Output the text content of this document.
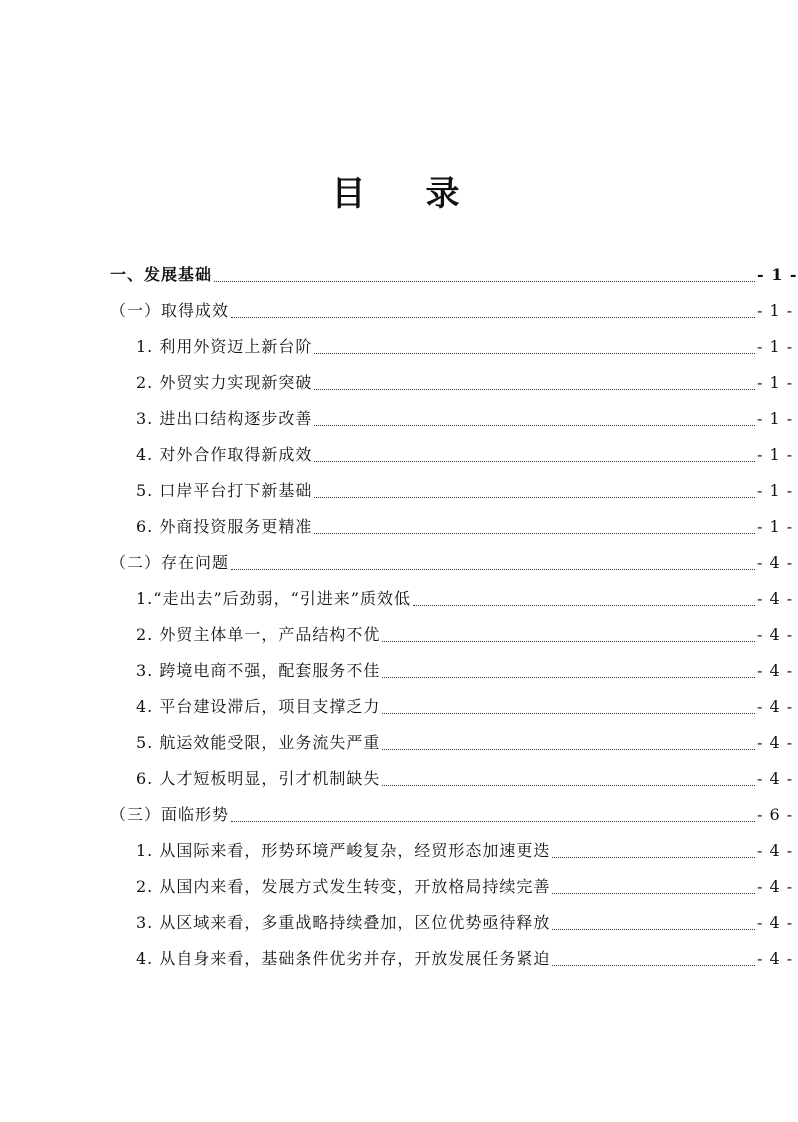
目 录
一、发展基础	- 1 -
（一）取得成效	- 1 -
1. 利用外资迈上新台阶	- 1 -
2. 外贸实力实现新突破	- 1 -
3. 进出口结构逐步改善	- 1 -
4. 对外合作取得新成效	- 1 -
5. 口岸平台打下新基础	- 1 -
6. 外商投资服务更精准	- 1 -
（二）存在问题	- 4 -
1.“走出去”后劲弱，“引进来”质效低	- 4 -
2. 外贸主体单一，产品结构不优	- 4 -
3. 跨境电商不强，配套服务不佳	- 4 -
4. 平台建设滞后，项目支撑乏力	- 4 -
5. 航运效能受限，业务流失严重	- 4 -
6. 人才短板明显，引才机制缺失	- 4 -
（三）面临形势	- 6 -
1. 从国际来看，形势环境严峻复杂，经贸形态加速更迭	- 4 -
2. 从国内来看，发展方式发生转变，开放格局持续完善	- 4 -
3. 从区域来看，多重战略持续叠加，区位优势亟待释放	- 4 -
4. 从自身来看，基础条件优劣并存，开放发展任务紧迫	- 4 -
